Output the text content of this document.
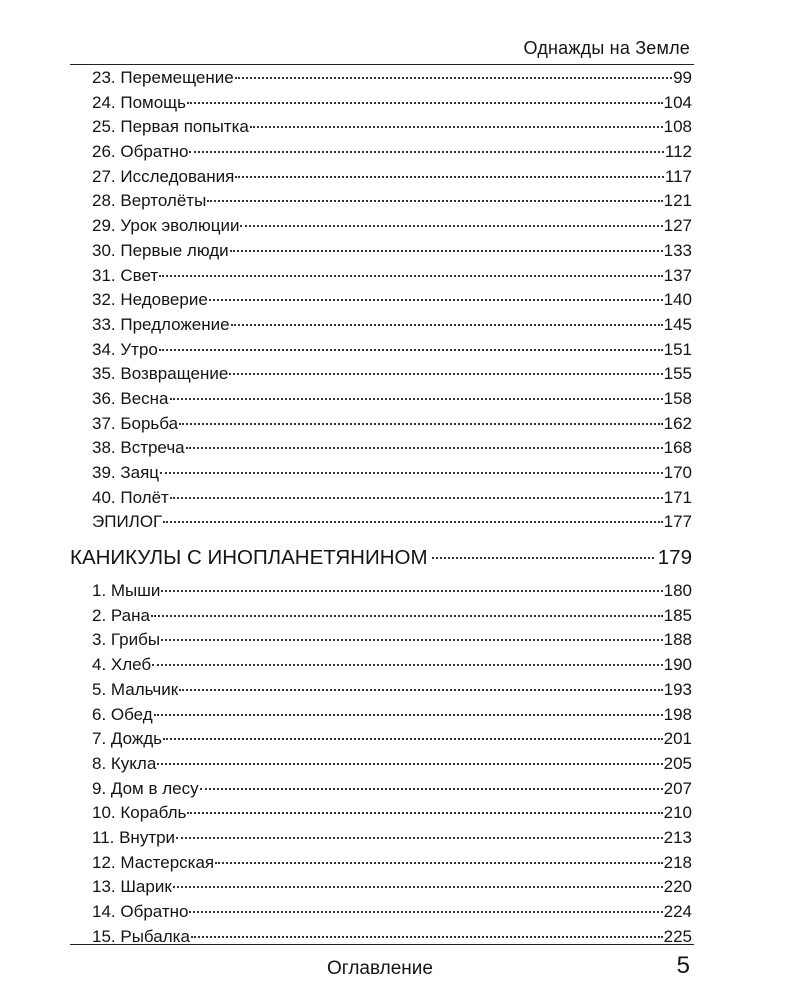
Однажды на Земле
23. Перемещение	99
24. Помощь	104
25. Первая попытка	108
26. Обратно	112
27. Исследования	117
28. Вертолёты	121
29. Урок эволюции	127
30. Первые люди	133
31. Свет	137
32. Недоверие	140
33. Предложение	145
34. Утро	151
35. Возвращение	155
36. Весна	158
37. Борьба	162
38. Встреча	168
39. Заяц	170
40. Полёт	171
ЭПИЛОГ	177
КАНИКУЛЫ С ИНОПЛАНЕТЯНИНОМ	179
1. Мыши	180
2. Рана	185
3. Грибы	188
4. Хлеб	190
5. Мальчик	193
6. Обед	198
7. Дождь	201
8. Кукла	205
9. Дом в лесу	207
10. Корабль	210
11. Внутри	213
12. Мастерская	218
13. Шарик	220
14. Обратно	224
15. Рыбалка	225
Оглавление	5
